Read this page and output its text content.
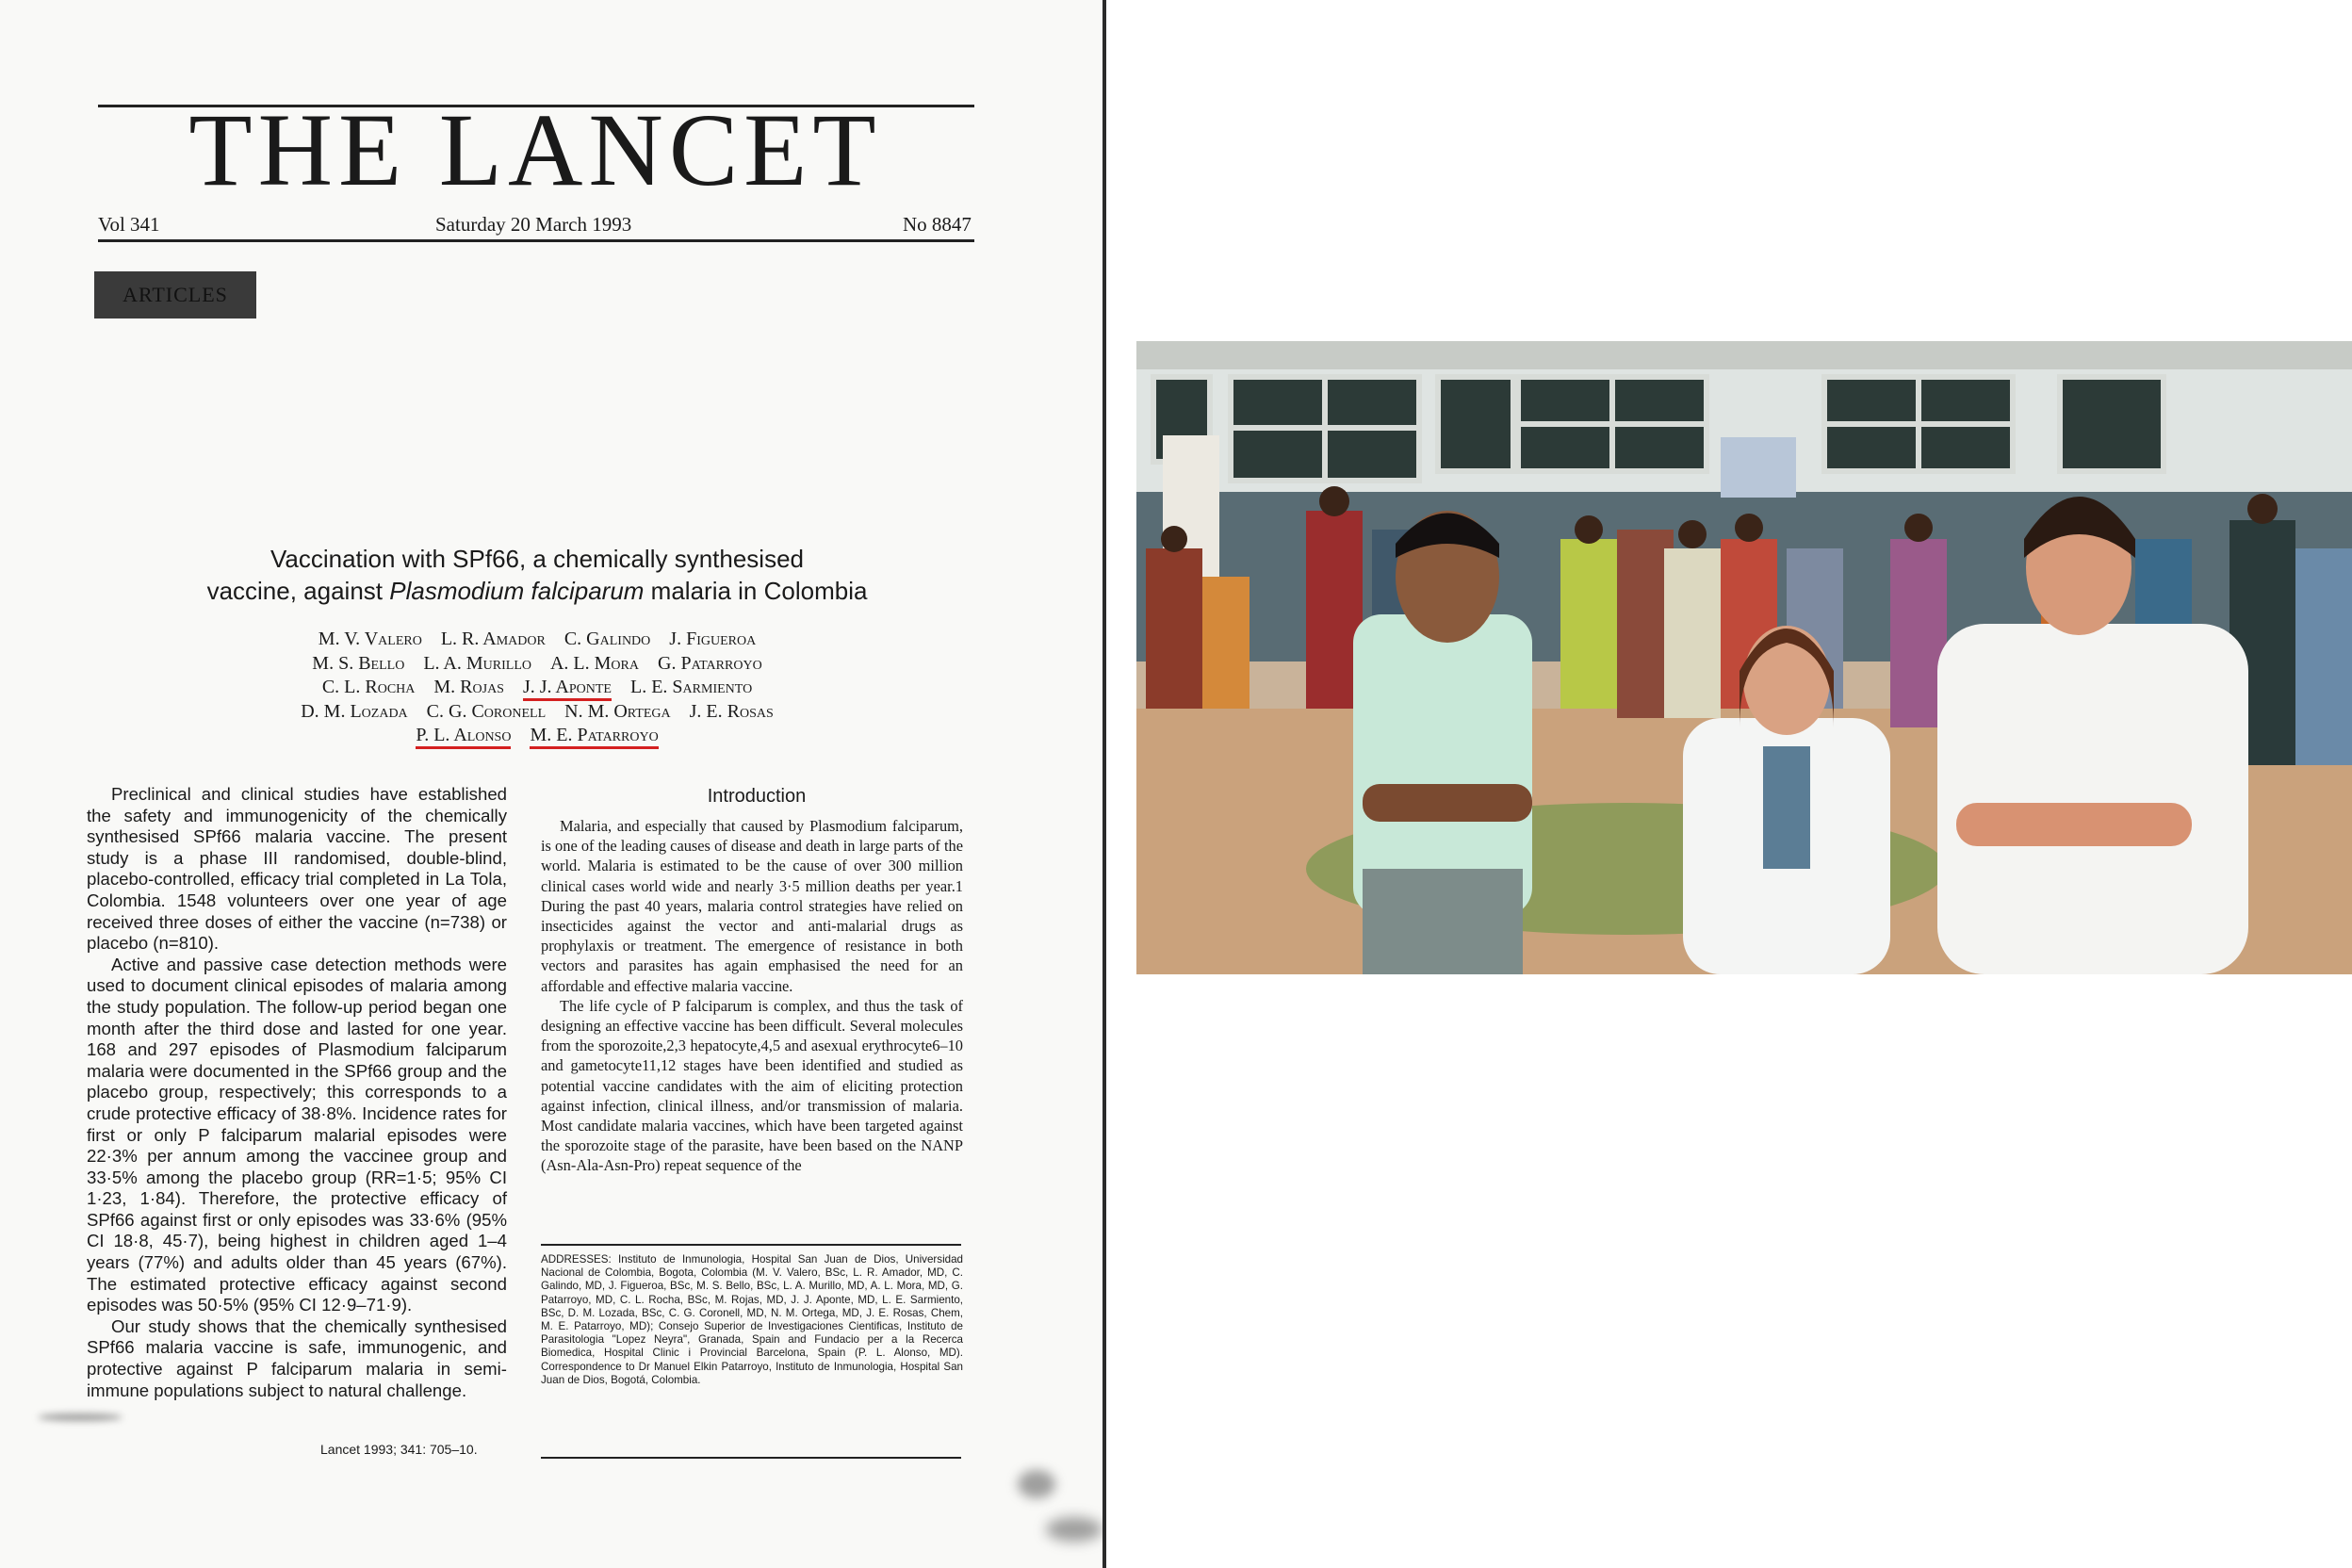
THE LANCET
Vol 341	Saturday 20 March 1993	No 8847
ARTICLES
Vaccination with SPf66, a chemically synthesised
vaccine, against Plasmodium falciparum malaria in Colombia
M. V. Valero L. R. Amador C. Galindo J. Figueroa
M. S. Bello L. A. Murillo A. L. Mora G. Patarroyo
C. L. Rocha M. Rojas J. J. Aponte L. E. Sarmiento
D. M. Lozada C. G. Coronell N. M. Ortega J. E. Rosas
P. L. Alonso M. E. Patarroyo

Preclinical and clinical studies have established the safety and immunogenicity of the chemically synthesised SPf66 malaria vaccine. The present study is a phase III randomised, double-blind, placebo-controlled, efficacy trial completed in La Tola, Colombia. 1548 volunteers over one year of age received three doses of either the vaccine (n=738) or placebo (n=810).

Active and passive case detection methods were used to document clinical episodes of malaria among the study population. The follow-up period began one month after the third dose and lasted for one year. 168 and 297 episodes of Plasmodium falciparum malaria were documented in the SPf66 group and the placebo group, respectively; this corresponds to a crude protective efficacy of 38·8%. Incidence rates for first or only P falciparum malarial episodes were 22·3% per annum among the vaccinee group and 33·5% among the placebo group (RR=1·5; 95% CI 1·23, 1·84). Therefore, the protective efficacy of SPf66 against first or only episodes was 33·6% (95% CI 18·8, 45·7), being highest in children aged 1–4 years (77%) and adults older than 45 years (67%). The estimated protective efficacy against second episodes was 50·5% (95% CI 12·9–71·9).

Our study shows that the chemically synthesised SPf66 malaria vaccine is safe, immunogenic, and protective against P falciparum malaria in semi-immune populations subject to natural challenge.

Lancet 1993; 341: 705–10.
Introduction

Malaria, and especially that caused by Plasmodium falciparum, is one of the leading causes of disease and death in large parts of the world. Malaria is estimated to be the cause of over 300 million clinical cases world wide and nearly 3·5 million deaths per year.1 During the past 40 years, malaria control strategies have relied on insecticides against the vector and anti-malarial drugs as prophylaxis or treatment. The emergence of resistance in both vectors and parasites has again emphasised the need for an affordable and effective malaria vaccine.

The life cycle of P falciparum is complex, and thus the task of designing an effective vaccine has been difficult. Several molecules from the sporozoite,2,3 hepatocyte,4,5 and asexual erythrocyte6–10 and gametocyte11,12 stages have been identified and studied as potential vaccine candidates with the aim of eliciting protection against infection, clinical illness, and/or transmission of malaria. Most candidate malaria vaccines, which have been targeted against the sporozoite stage of the parasite, have been based on the NANP (Asn-Ala-Asn-Pro) repeat sequence of the

ADDRESSES: Instituto de Inmunologia, Hospital San Juan de Dios, Universidad Nacional de Colombia, Bogota, Colombia (M. V. Valero, BSc, L. R. Amador, MD, C. Galindo, MD, J. Figueroa, BSc, M. S. Bello, BSc, L. A. Murillo, MD, A. L. Mora, MD, G. Patarroyo, MD, C. L. Rocha, BSc, M. Rojas, MD, J. J. Aponte, MD, L. E. Sarmiento, BSc, D. M. Lozada, BSc, C. G. Coronell, MD, N. M. Ortega, MD, J. E. Rosas, Chem, M. E. Patarroyo, MD); Consejo Superior de Investigaciones Cientificas, Instituto de Parasitologia "Lopez Neyra", Granada, Spain and Fundacio per a la Recerca Biomedica, Hospital Clinic i Provincial Barcelona, Spain (P. L. Alonso, MD). Correspondence to Dr Manuel Elkin Patarroyo, Instituto de Inmunologia, Hospital San Juan de Dios, Bogotá, Colombia.
